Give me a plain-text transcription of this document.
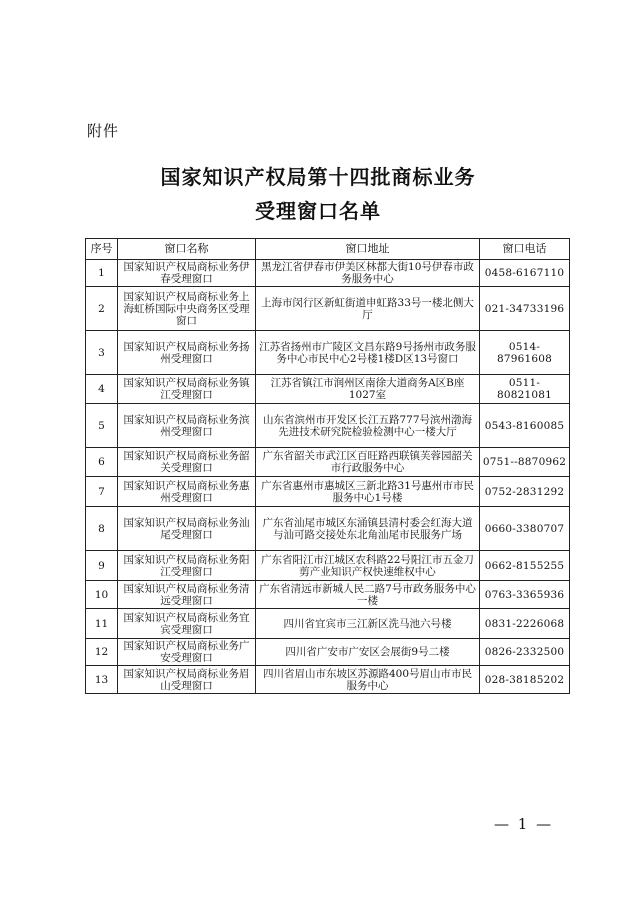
附件
国家知识产权局第十四批商标业务
受理窗口名单
序号	窗口名称	窗口地址	窗口电话
1	国家知识产权局商标业务伊春受理窗口	黑龙江省伊春市伊美区林都大街10号伊春市政务服务中心	0458-6167110
2	国家知识产权局商标业务上海虹桥国际中央商务区受理窗口	上海市闵行区新虹街道申虹路33号一楼北侧大厅	021-34733196
3	国家知识产权局商标业务扬州受理窗口	江苏省扬州市广陵区文昌东路9号扬州市政务服务中心市民中心2号楼1楼D区13号窗口	0514-87961608
4	国家知识产权局商标业务镇江受理窗口	江苏省镇江市润州区南徐大道商务A区B座1027室	0511-80821081
5	国家知识产权局商标业务滨州受理窗口	山东省滨州市开发区长江五路777号滨州渤海先进技术研究院检验检测中心一楼大厅	0543-8160085
6	国家知识产权局商标业务韶关受理窗口	广东省韶关市武江区百旺路西联镇芙蓉园韶关市行政服务中心	0751--8870962
7	国家知识产权局商标业务惠州受理窗口	广东省惠州市惠城区三新北路31号惠州市市民服务中心1号楼	0752-2831292
8	国家知识产权局商标业务汕尾受理窗口	广东省汕尾市城区东涌镇县清村委会红海大道与汕可路交接处东北角汕尾市民服务广场	0660-3380707
9	国家知识产权局商标业务阳江受理窗口	广东省阳江市江城区农科路22号阳江市五金刀剪产业知识产权快速维权中心	0662-8155255
10	国家知识产权局商标业务清远受理窗口	广东省清远市新城人民二路7号市政务服务中心一楼	0763-3365936
11	国家知识产权局商标业务宜宾受理窗口	四川省宜宾市三江新区洗马池六号楼	0831-2226068
12	国家知识产权局商标业务广安受理窗口	四川省广安市广安区会展街9号二楼	0826-2332500
13	国家知识产权局商标业务眉山受理窗口	四川省眉山市东坡区苏源路400号眉山市市民服务中心	028-38185202
— 1 —
